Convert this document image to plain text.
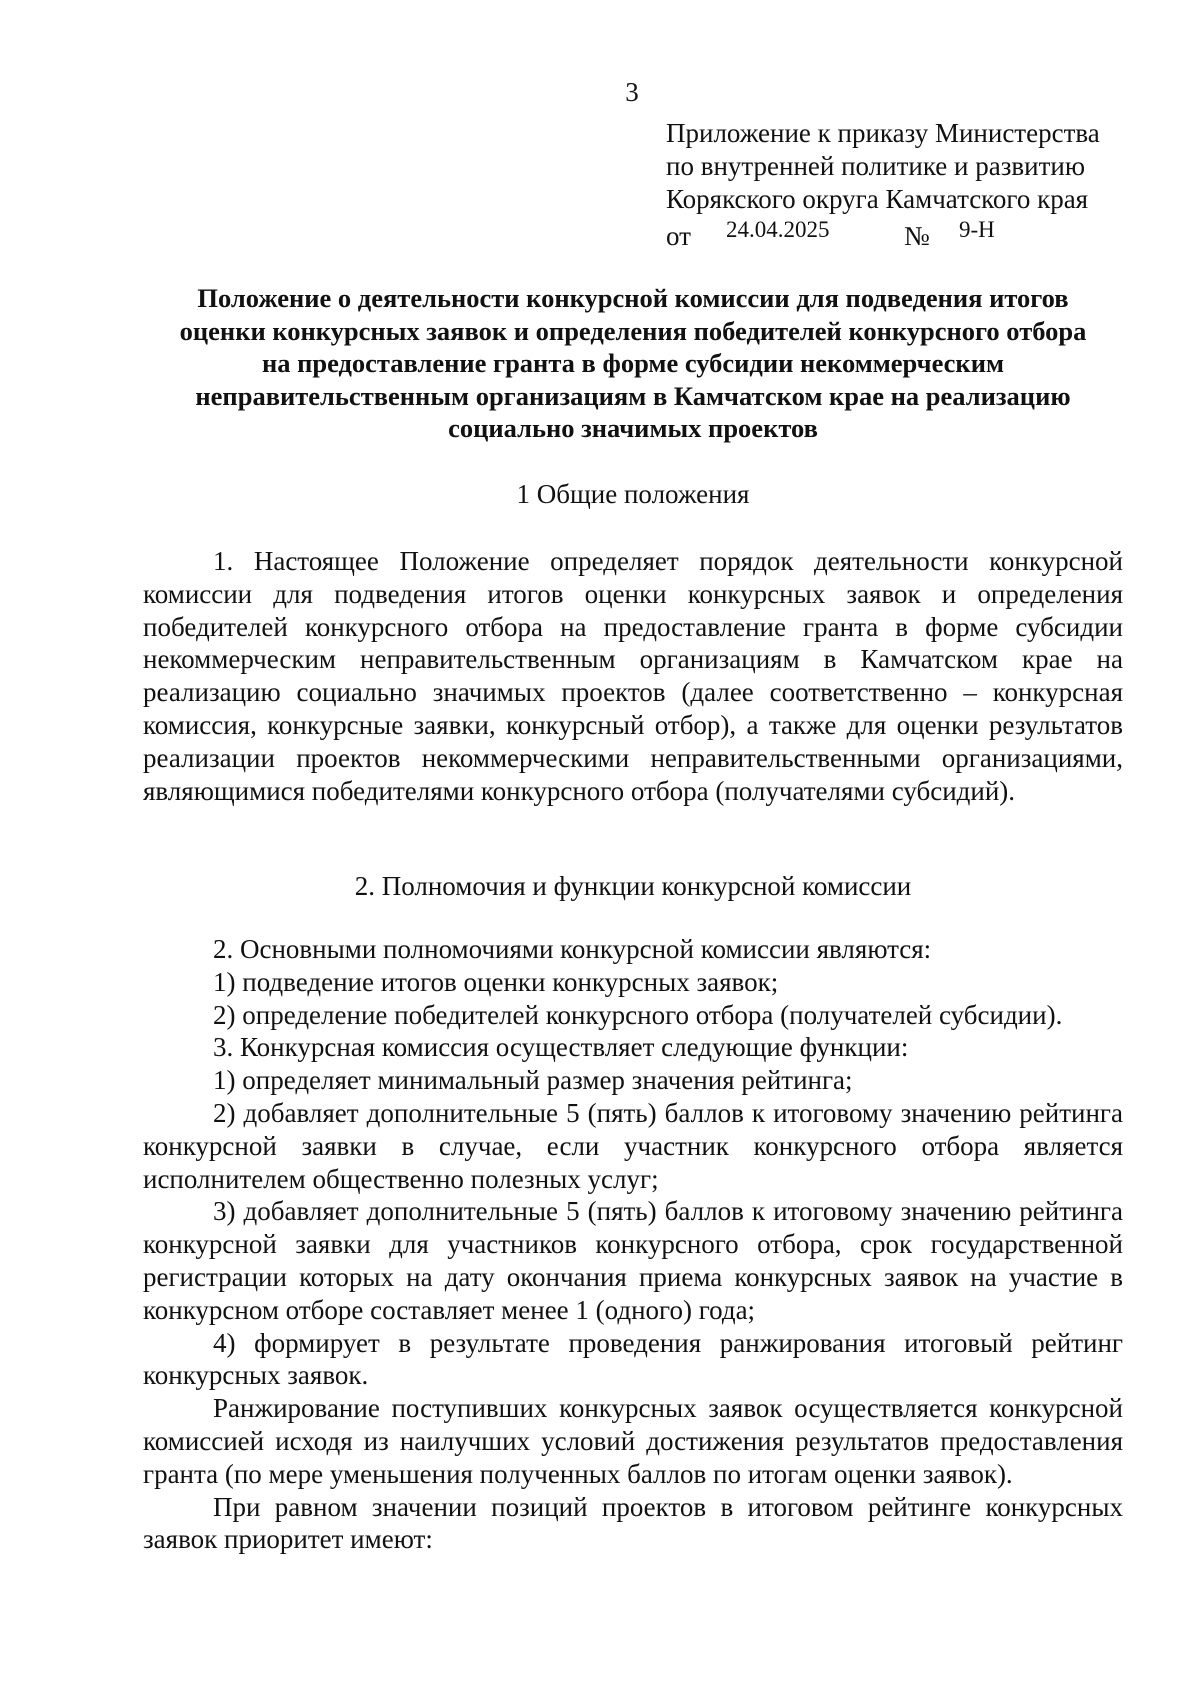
3
Приложение к приказу Министерства
по внутренней политике и развитию
Корякского округа Камчатского края
от 24.04.2025	№ 9-Н
Положение о деятельности конкурсной комиссии для подведения итогов
оценки конкурсных заявок и определения победителей конкурсного отбора
на предоставление гранта в форме субсидии некоммерческим
неправительственным организациям в Камчатском крае на реализацию
социально значимых проектов
1 Общие положения

1. Настоящее Положение определяет порядок деятельности конкурсной комиссии для подведения итогов оценки конкурсных заявок и определения победителей конкурсного отбора на предоставление гранта в форме субсидии некоммерческим неправительственным организациям в Камчатском крае на реализацию социально значимых проектов (далее соответственно – конкурсная комиссия, конкурсные заявки, конкурсный отбор), а также для оценки результатов реализации проектов некоммерческими неправительственными организациями, являющимися победителями конкурсного отбора (получателями субсидий).

2. Полномочия и функции конкурсной комиссии

2. Основными полномочиями конкурсной комиссии являются:

1) подведение итогов оценки конкурсных заявок;

2) определение победителей конкурсного отбора (получателей субсидии).

3. Конкурсная комиссия осуществляет следующие функции:

1) определяет минимальный размер значения рейтинга;

2) добавляет дополнительные 5 (пять) баллов к итоговому значению рейтинга конкурсной заявки в случае, если участник конкурсного отбора является исполнителем общественно полезных услуг;

3) добавляет дополнительные 5 (пять) баллов к итоговому значению рейтинга конкурсной заявки для участников конкурсного отбора, срок государственной регистрации которых на дату окончания приема конкурсных заявок на участие в конкурсном отборе составляет менее 1 (одного) года;

4) формирует в результате проведения ранжирования итоговый рейтинг конкурсных заявок.

Ранжирование поступивших конкурсных заявок осуществляется конкурсной комиссией исходя из наилучших условий достижения результатов предоставления гранта (по мере уменьшения полученных баллов по итогам оценки заявок).

При равном значении позиций проектов в итоговом рейтинге конкурсных заявок приоритет имеют:
